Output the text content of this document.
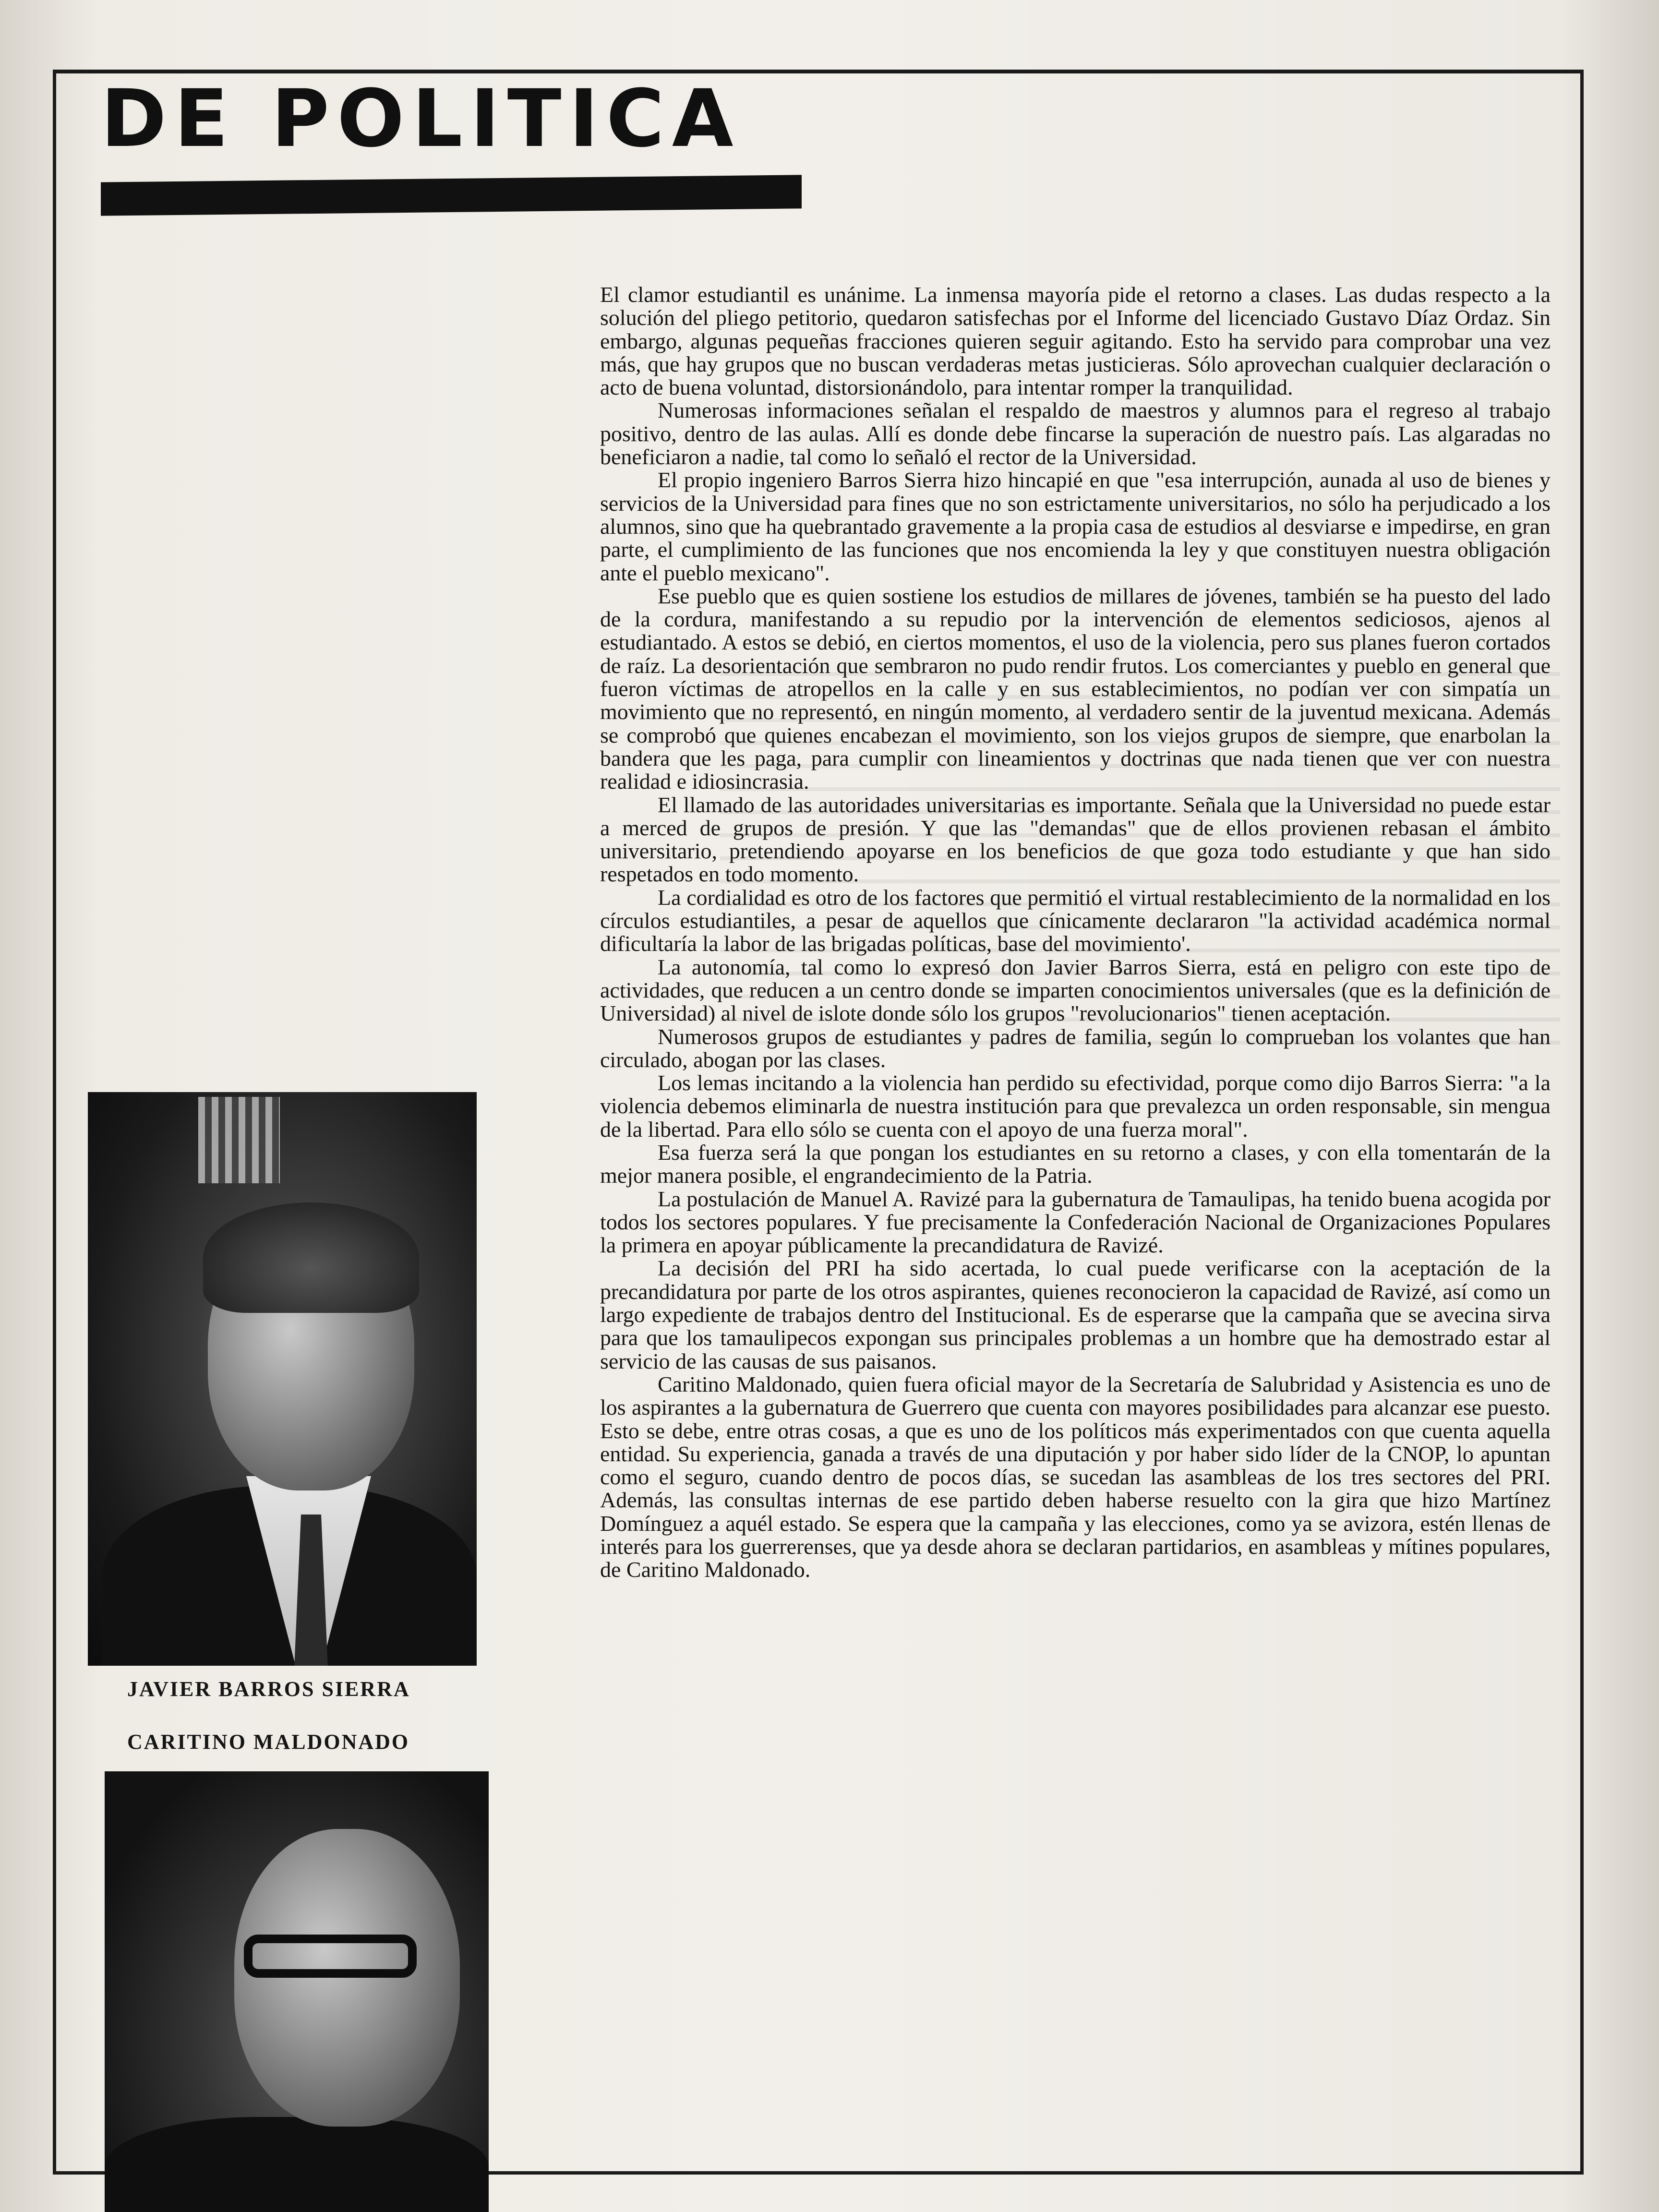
DE POLITICA

El clamor estudiantil es unánime. La inmensa mayoría pide el retorno a clases. Las dudas respecto a la solución del pliego petitorio, quedaron satisfechas por el Informe del licenciado Gustavo Díaz Ordaz. Sin embargo, algunas pequeñas fracciones quieren seguir agitando. Esto ha servido para comprobar una vez más, que hay grupos que no buscan verdaderas metas justicieras. Sólo aprovechan cualquier declaración o acto de buena voluntad, distorsionándolo, para intentar romper la tranquilidad.

Numerosas informaciones señalan el respaldo de maestros y alumnos para el regreso al trabajo positivo, dentro de las aulas. Allí es donde debe fincarse la superación de nuestro país. Las algaradas no beneficiaron a nadie, tal como lo señaló el rector de la Universidad.

El propio ingeniero Barros Sierra hizo hincapié en que "esa interrupción, aunada al uso de bienes y servicios de la Universidad para fines que no son estrictamente universitarios, no sólo ha perjudicado a los alumnos, sino que ha quebrantado gravemente a la propia casa de estudios al desviarse e impedirse, en gran parte, el cumplimiento de las funciones que nos encomienda la ley y que constituyen nuestra obligación ante el pueblo mexicano".

Ese pueblo que es quien sostiene los estudios de millares de jóvenes, también se ha puesto del lado de la cordura, manifestando a su repudio por la intervención de elementos sediciosos, ajenos al estudiantado. A estos se debió, en ciertos momentos, el uso de la violencia, pero sus planes fueron cortados de raíz. La desorientación que sembraron no pudo rendir frutos. Los comerciantes y pueblo en general que fueron víctimas de atropellos en la calle y en sus establecimientos, no podían ver con simpatía un movimiento que no representó, en ningún momento, al verdadero sentir de la juventud mexicana. Además se comprobó que quienes encabezan el movimiento, son los viejos grupos de siempre, que enarbolan la bandera que les paga, para cumplir con lineamientos y doctrinas que nada tienen que ver con nuestra realidad e idiosincrasia.

El llamado de las autoridades universitarias es importante. Señala que la Universidad no puede estar a merced de grupos de presión. Y que las "demandas" que de ellos provienen rebasan el ámbito universitario, pretendiendo apoyarse en los beneficios de que goza todo estudiante y que han sido respetados en todo momento.

La cordialidad es otro de los factores que permitió el virtual restablecimiento de la normalidad en los círculos estudiantiles, a pesar de aquellos que cínicamente declararon "la actividad académica normal dificultaría la labor de las brigadas políticas, base del movimiento'.

La autonomía, tal como lo expresó don Javier Barros Sierra, está en peligro con este tipo de actividades, que reducen a un centro donde se imparten conocimientos universales (que es la definición de Universidad) al nivel de islote donde sólo los grupos "revolucionarios" tienen aceptación.

Numerosos grupos de estudiantes y padres de familia, según lo comprueban los volantes que han circulado, abogan por las clases.

Los lemas incitando a la violencia han perdido su efectividad, porque como dijo Barros Sierra: "a la violencia debemos eliminarla de nuestra institución para que prevalezca un orden responsable, sin mengua de la libertad. Para ello sólo se cuenta con el apoyo de una fuerza moral".

Esa fuerza será la que pongan los estudiantes en su retorno a clases, y con ella tomentarán de la mejor manera posible, el engrandecimiento de la Patria.

La postulación de Manuel A. Ravizé para la gubernatura de Tamaulipas, ha tenido buena acogida por todos los sectores populares. Y fue precisamente la Confederación Nacional de Organizaciones Populares la primera en apoyar públicamente la precandidatura de Ravizé.

La decisión del PRI ha sido acertada, lo cual puede verificarse con la aceptación de la precandidatura por parte de los otros aspirantes, quienes reconocieron la capacidad de Ravizé, así como un largo expediente de trabajos dentro del Institucional. Es de esperarse que la campaña que se avecina sirva para que los tamaulipecos expongan sus principales problemas a un hombre que ha demostrado estar al servicio de las causas de sus paisanos.

Caritino Maldonado, quien fuera oficial mayor de la Secretaría de Salubridad y Asistencia es uno de los aspirantes a la gubernatura de Guerrero que cuenta con mayores posibilidades para alcanzar ese puesto. Esto se debe, entre otras cosas, a que es uno de los políticos más experimentados con que cuenta aquella entidad. Su experiencia, ganada a través de una diputación y por haber sido líder de la CNOP, lo apuntan como el seguro, cuando dentro de pocos días, se sucedan las asambleas de los tres sectores del PRI. Además, las consultas internas de ese partido deben haberse resuelto con la gira que hizo Martínez Domínguez a aquél estado. Se espera que la campaña y las elecciones, como ya se avizora, estén llenas de interés para los guerrerenses, que ya desde ahora se declaran partidarios, en asambleas y mítines populares, de Caritino Maldonado.

JAVIER BARROS SIERRA
CARITINO MALDONADO
